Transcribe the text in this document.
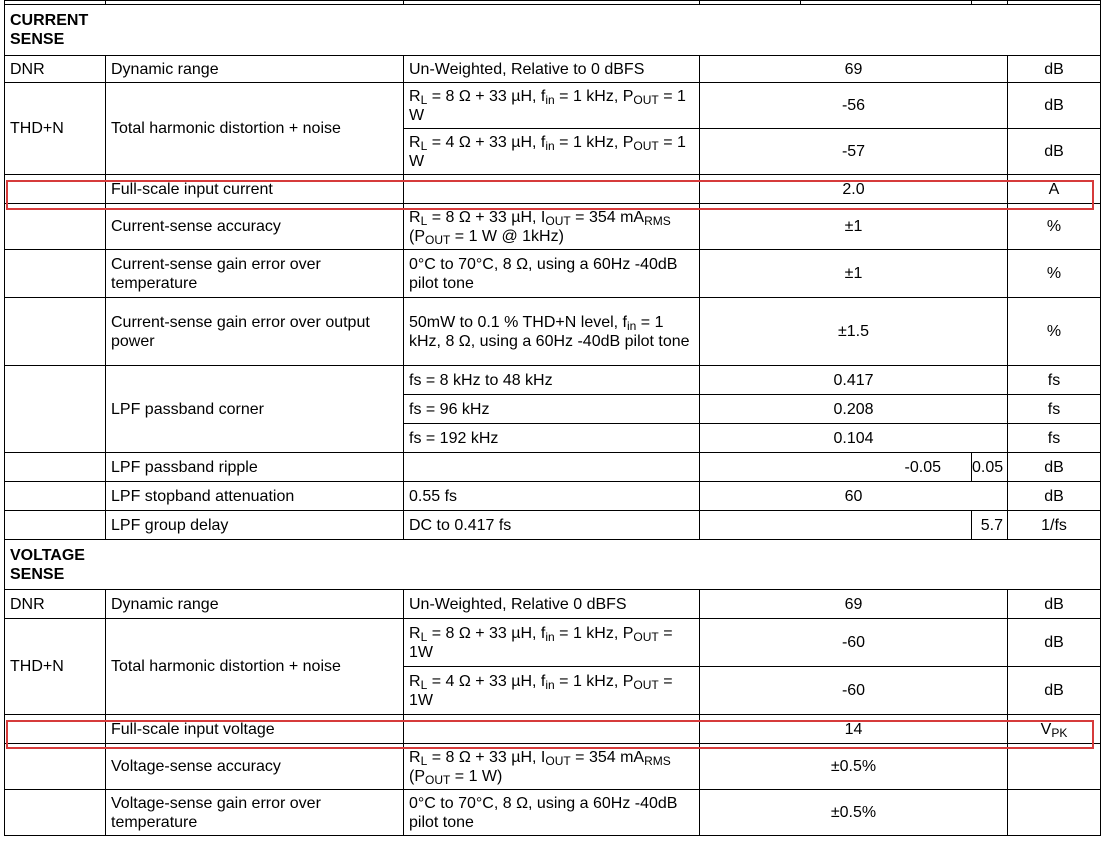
CURRENT
SENSE						
DNR	Dynamic range	Un-Weighted, Relative to 0 dBFS	69			dB
THD+N	Total harmonic distortion + noise	$R_L = 8$ Ω + 33 µH, $f_{in} = 1$ kHz, $P_{OUT} = 1$ W	-56			dB
		$R_L = 4$ Ω + 33 µH, $f_{in} = 1$ kHz, $P_{OUT} = 1$ W	-57			dB
	Full-scale input current		2.0			A
	Current-sense accuracy	$R_L = 8$ Ω + 33 µH, $I_{OUT} = 354$ $mA_{RMS}$ ($P_{OUT} = 1$ W @ 1kHz)	±1			%
	Current-sense gain error over temperature	0°C to 70°C, 8 Ω, using a 60Hz -40dB pilot tone	±1			%
	Current-sense gain error over output power	50mW to 0.1 % THD+N level, $f_{in} = 1$ kHz, 8 Ω, using a 60Hz -40dB pilot tone	±1.5			%
	LPF passband corner	fs = 8 kHz to 48 kHz	0.417			fs
		fs = 96 kHz	0.208			fs
		fs = 192 kHz	0.104			fs
	LPF passband ripple		-0.05		0.05	dB
	LPF stopband attenuation	0.55 fs	60			dB
	LPF group delay	DC to 0.417 fs			5.7	1/fs
VOLTAGE
SENSE						
DNR	Dynamic range	Un-Weighted, Relative 0 dBFS	69			dB
THD+N	Total harmonic distortion + noise	$R_L = 8$ Ω + 33 µH, $f_{in} = 1$ kHz, $P_{OUT} = 1W$	-60			dB
		$R_L = 4$ Ω + 33 µH, $f_{in} = 1$ kHz, $P_{OUT} = 1W$	-60			dB
	Full-scale input voltage		14			$V_{PK}$
	Voltage-sense accuracy	$R_L = 8$ Ω + 33 µH, $I_{OUT} = 354$ $mA_{RMS}$ ($P_{OUT} = 1$ W)	±0.5%			
	Voltage-sense gain error over temperature	0°C to 70°C, 8 Ω, using a 60Hz -40dB pilot tone	±0.5%			
